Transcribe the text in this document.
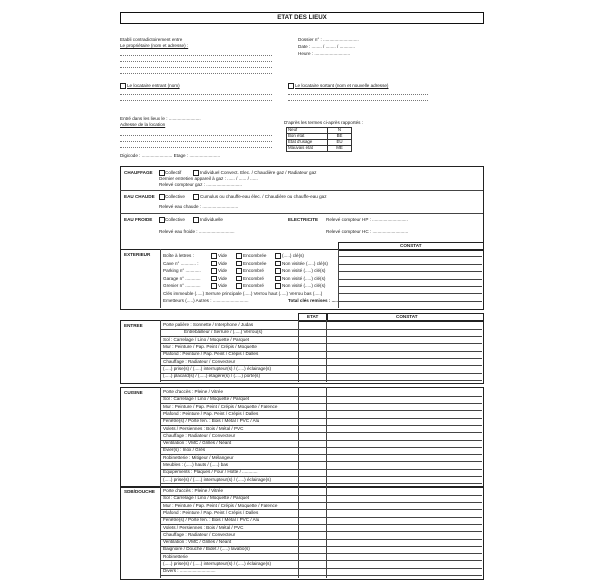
ETAT DES LIEUX
Etabli contradictoirement entre
Le propriétaire (nom et adresse) :
Dossier n° : ............................
Date : ........ / ........ / ............
Heure : ............................
Le locataire entrant (nom)	Le locataire sortant (nom et nouvelle adresse)
Entré dans les lieux le : .........................
Adresse de la location
Digicode : ........................ Etage : ........................
D'après les termes ci-après rapportés :
Neuf	N
Bon état	BE
Etat d'usage	EU
Mauvais état	ME
CHAUFFAGE	Collectif	Individuel Convect. Elec. / Chaudière gaz / Radiateur gaz
Dernier entretien appareil à gaz : ...... / ...... / ......
Relevé compteur gaz : ............................
EAU CHAUDE Collective	Cumulus ou chauffe-eau élec. / Chaudière ou chauffe-eau gaz
Relevé eau chaude : ............................
EAU FROIDE	Collective	Individuelle
Relevé eau froide : ............................
ELECTRICITE Relevé compteur HP : ............................
Relevé compteur HC : ............................
CONSTAT
EXTERIEUR	Boîte à lettres :	Vide	Encombrée	(.....) clé(s)
Cave n° ............ :	Vide	Encombrée	Non visitée (.....) clé(s)
Parking n° ............	Vide	Encombré	Non visité (.....) clé(s)
Garage n° ............	Vide	Encombré	Non visité (.....) clé(s)
Grenier n° ............	Vide	Encombré	Non visité (.....) clé(s)
Clés immeuble (.....) Serrure principale (.....) Verrou haut (.....) Verrou bas (.....)
Emetteurs (.....) Autres : ............................	Total clés remises : ............
ETAT	CONSTAT
ENTREE	Porte palière : Sonnette / Interphone / Judas
Entrebâilleur / Serrure / (.....) Verrou(s)
Sol : Carrelage / Lino / Moquette / Parquet
Mur : Peinture / Pap. Peint / Crépis / Moquette
Plafond : Peinture / Pap. Peint / Crépis / Dalles
Chauffage : Radiateur / Convecteur
(.....) prise(s) / (.....) interrupteur(s) / (.....) éclairage(s)
(.....) placard(s) / (.....) étagère(s) / (.....) porte(s)
CUISINE	Porte d'accès : Pleine / Vitrée
Sol : Carrelage / Lino / Moquette / Parquet
Mur : Peinture / Pap. Peint / Crépis / Moquette / Faïence
Plafond : Peinture / Pap. Peint / Crépis / Dalles
Fenêtre(s) / Porte fen. : Bois / Métal / PVC / Alu
Volets / Persiennes : Bois / Métal / PVC
Chauffage : Radiateur / Convecteur
Ventilation : VMC / Grilles / Néant
Evier(s) : Inox / Grès
Robinetterie : Mitigeur / Mélangeur
Meubles : (.....) hauts / (.....) bas
Equipements : Plaques / Four / Hotte / ............
(.....) prise(s) / (.....) interrupteur(s) / (.....) éclairage(s)
SDB/DOUCHE Porte d'accès : Pleine / Vitrée
Sol : Carrelage / Lino / Moquette / Parquet
Mur : Peinture / Pap. Peint / Crépis / Moquette / Faïence
Plafond : Peinture / Pap. Peint / Crépis / Dalles
Fenêtre(s) / Porte fen. : Bois / Métal / PVC / Alu
Volets / Persiennes : Bois / Métal / PVC
Chauffage : Radiateur / Convecteur
Ventilation : VMC / Grilles / Néant
Baignoire / Douche / Bidet / (.....) lavabo(s)
Robinetterie
(.....) prise(s) / (.....) interrupteur(s) / (.....) éclairage(s)
Divers : ............................
